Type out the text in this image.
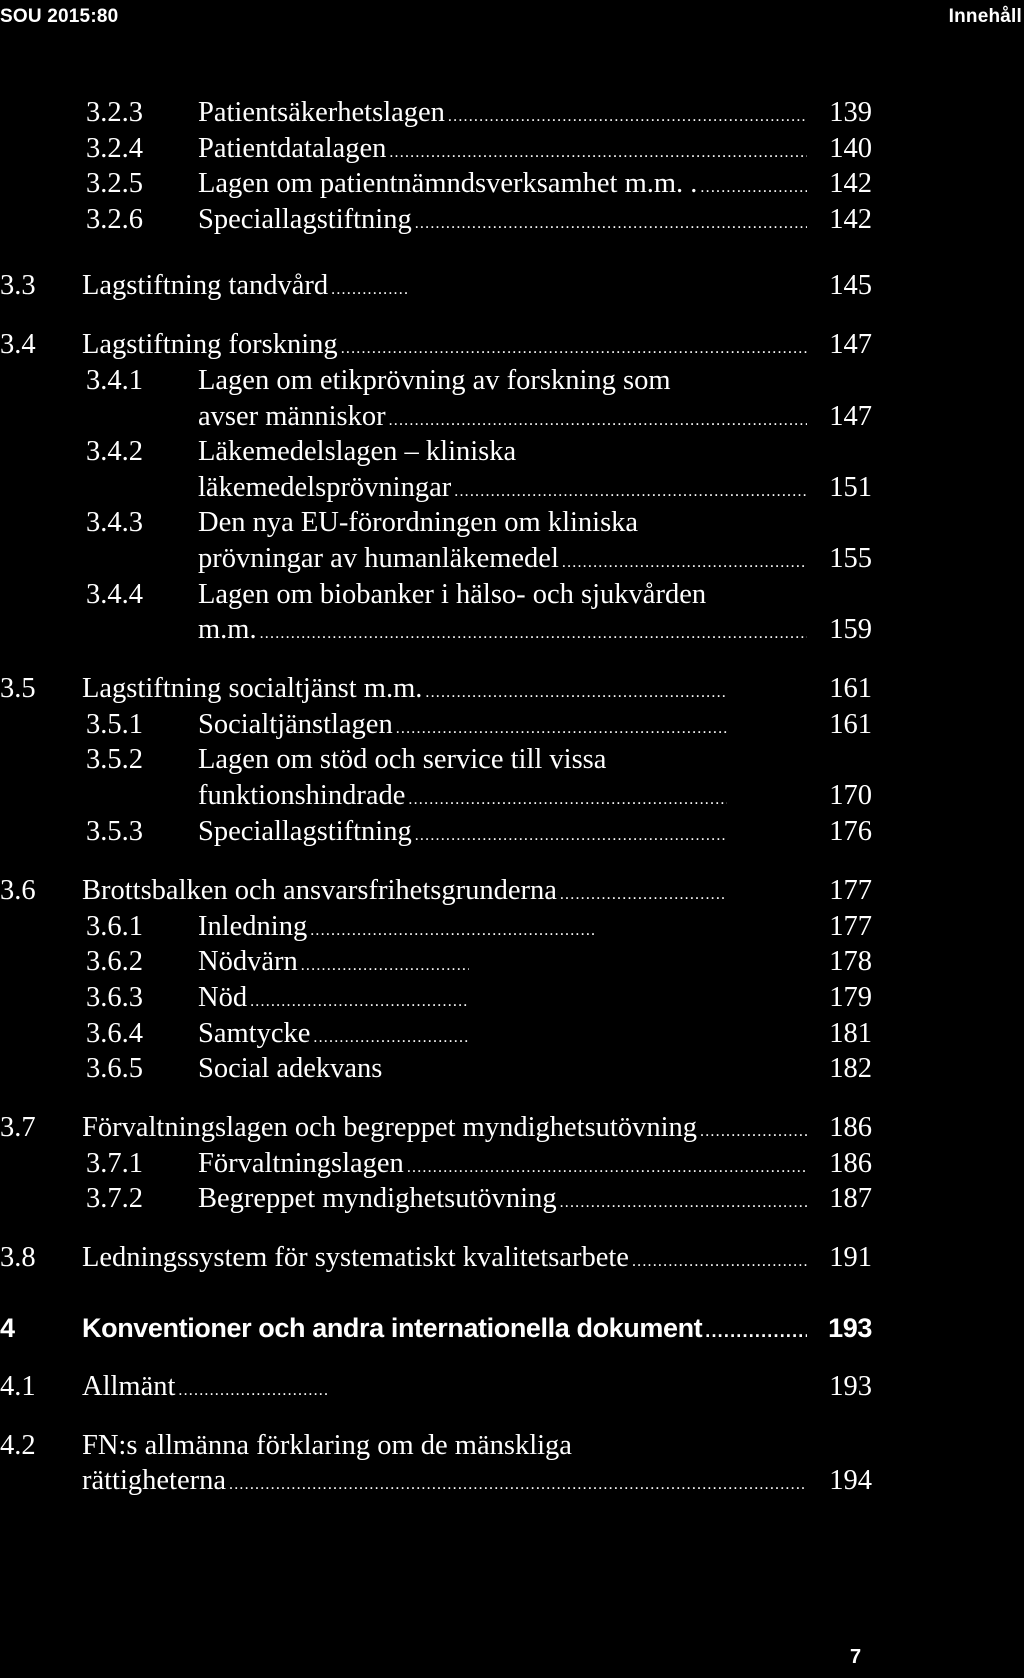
SOU 2015:80	Innehåll
3.2.3 Patientsäkerhetslagen .....	139
3.2.4 Patientdatalagen .....	140
3.2.5 Lagen om patientnämndsverksamhet m.m. . .....	142
3.2.6 Speciallagstiftning .....	142
3.3 Lagstiftning tandvård .....	145
3.4 Lagstiftning forskning .....	147
3.4.1 Lagen om etikprövning av forskning som
avser människor .....	147
3.4.2 Läkemedelslagen – kliniska
läkemedelsprövningar .....	151
3.4.3 Den nya EU-förordningen om kliniska
prövningar av humanläkemedel .....	155
3.4.4 Lagen om biobanker i hälso- och sjukvården
m.m. .....	159
3.5 Lagstiftning socialtjänst m.m. .....	161
3.5.1 Socialtjänstlagen .....	161
3.5.2 Lagen om stöd och service till vissa
funktionshindrade .....	170
3.5.3 Speciallagstiftning .....	176
3.6 Brottsbalken och ansvarsfrihetsgrunderna .....	177
3.6.1 Inledning .....	177
3.6.2 Nödvärn .....	178
3.6.3 Nöd .....	179
3.6.4 Samtycke .....	181
3.6.5 Social adekvans	182
3.7 Förvaltningslagen och begreppet myndighetsutövning .....	186
3.7.1 Förvaltningslagen .....	186
3.7.2 Begreppet myndighetsutövning .....	187
3.8 Ledningssystem för systematiskt kvalitetsarbete .....	191
4 Konventioner och andra internationella dokument .....	193
4.1 Allmänt .....	193
4.2 FN:s allmänna förklaring om de mänskliga
rättigheterna .....	194
7
